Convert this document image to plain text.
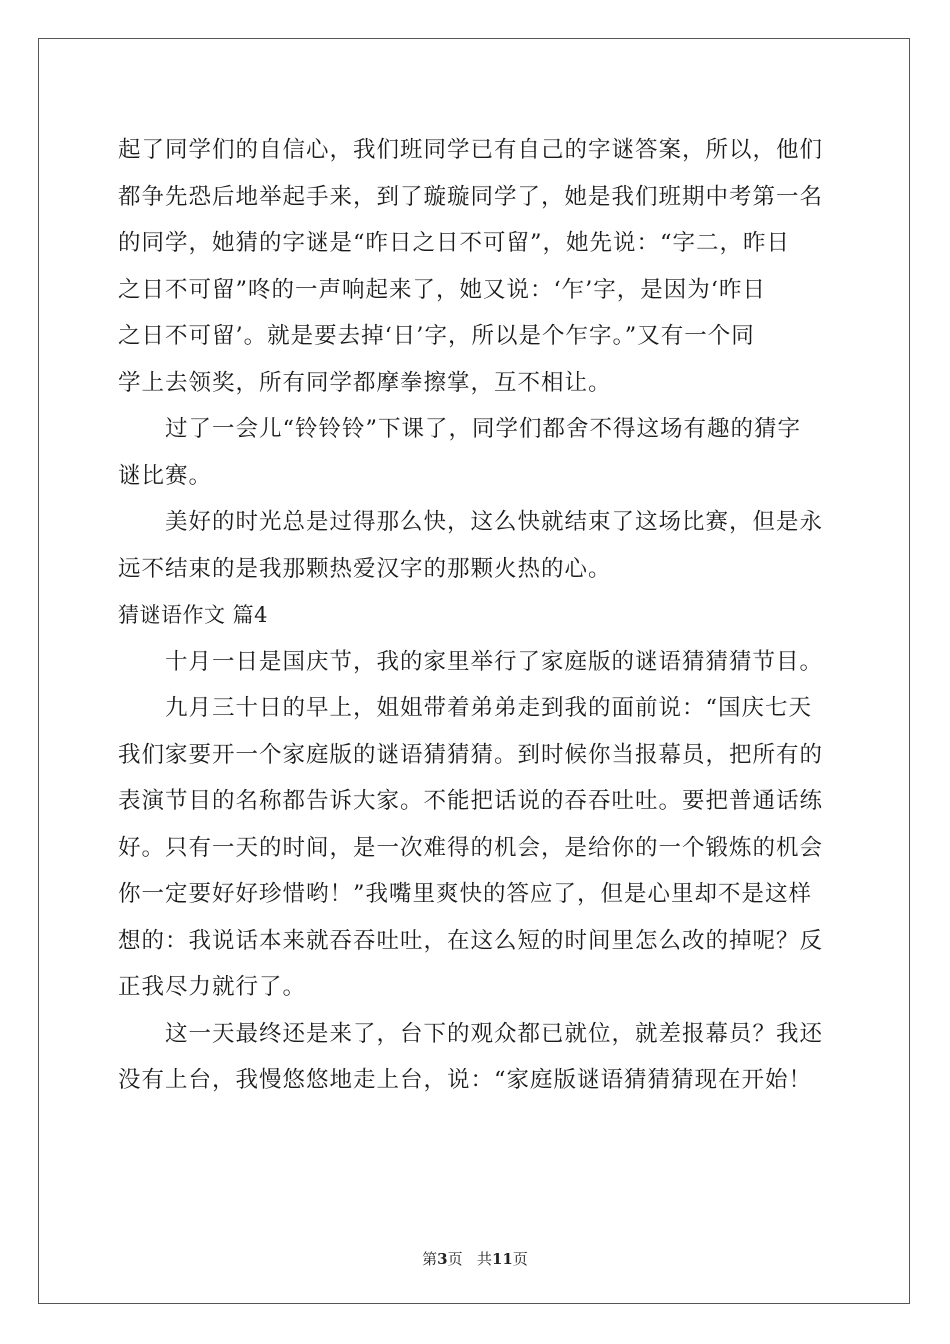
起了同学们的自信心，我们班同学已有自己的字谜答案，所以，他们
都争先恐后地举起手来，到了璇璇同学了，她是我们班期中考第一名
的同学，她猜的字谜是“昨日之日不可留”，她先说：“字二，昨日
之日不可留”咚的一声响起来了，她又说：‘乍’字，是因为‘昨日
之日不可留’。就是要去掉‘日’字，所以是个乍字。”又有一个同
学上去领奖，所有同学都摩拳擦掌，互不相让。

过了一会儿“铃铃铃”下课了，同学们都舍不得这场有趣的猜字
谜比赛。

美好的时光总是过得那么快，这么快就结束了这场比赛，但是永
远不结束的是我那颗热爱汉字的那颗火热的心。

猜谜语作文 篇4

十月一日是国庆节，我的家里举行了家庭版的谜语猜猜猜节目。

九月三十日的早上，姐姐带着弟弟走到我的面前说：“国庆七天
我们家要开一个家庭版的谜语猜猜猜。到时候你当报幕员，把所有的
表演节目的名称都告诉大家。不能把话说的吞吞吐吐。要把普通话练
好。只有一天的时间，是一次难得的机会，是给你的一个锻炼的机会
你一定要好好珍惜哟！”我嘴里爽快的答应了，但是心里却不是这样
想的：我说话本来就吞吞吐吐，在这么短的时间里怎么改的掉呢？反
正我尽力就行了。

这一天最终还是来了，台下的观众都已就位，就差报幕员？我还
没有上台，我慢悠悠地走上台，说：“家庭版谜语猜猜猜现在开始！

第3页 共11页
